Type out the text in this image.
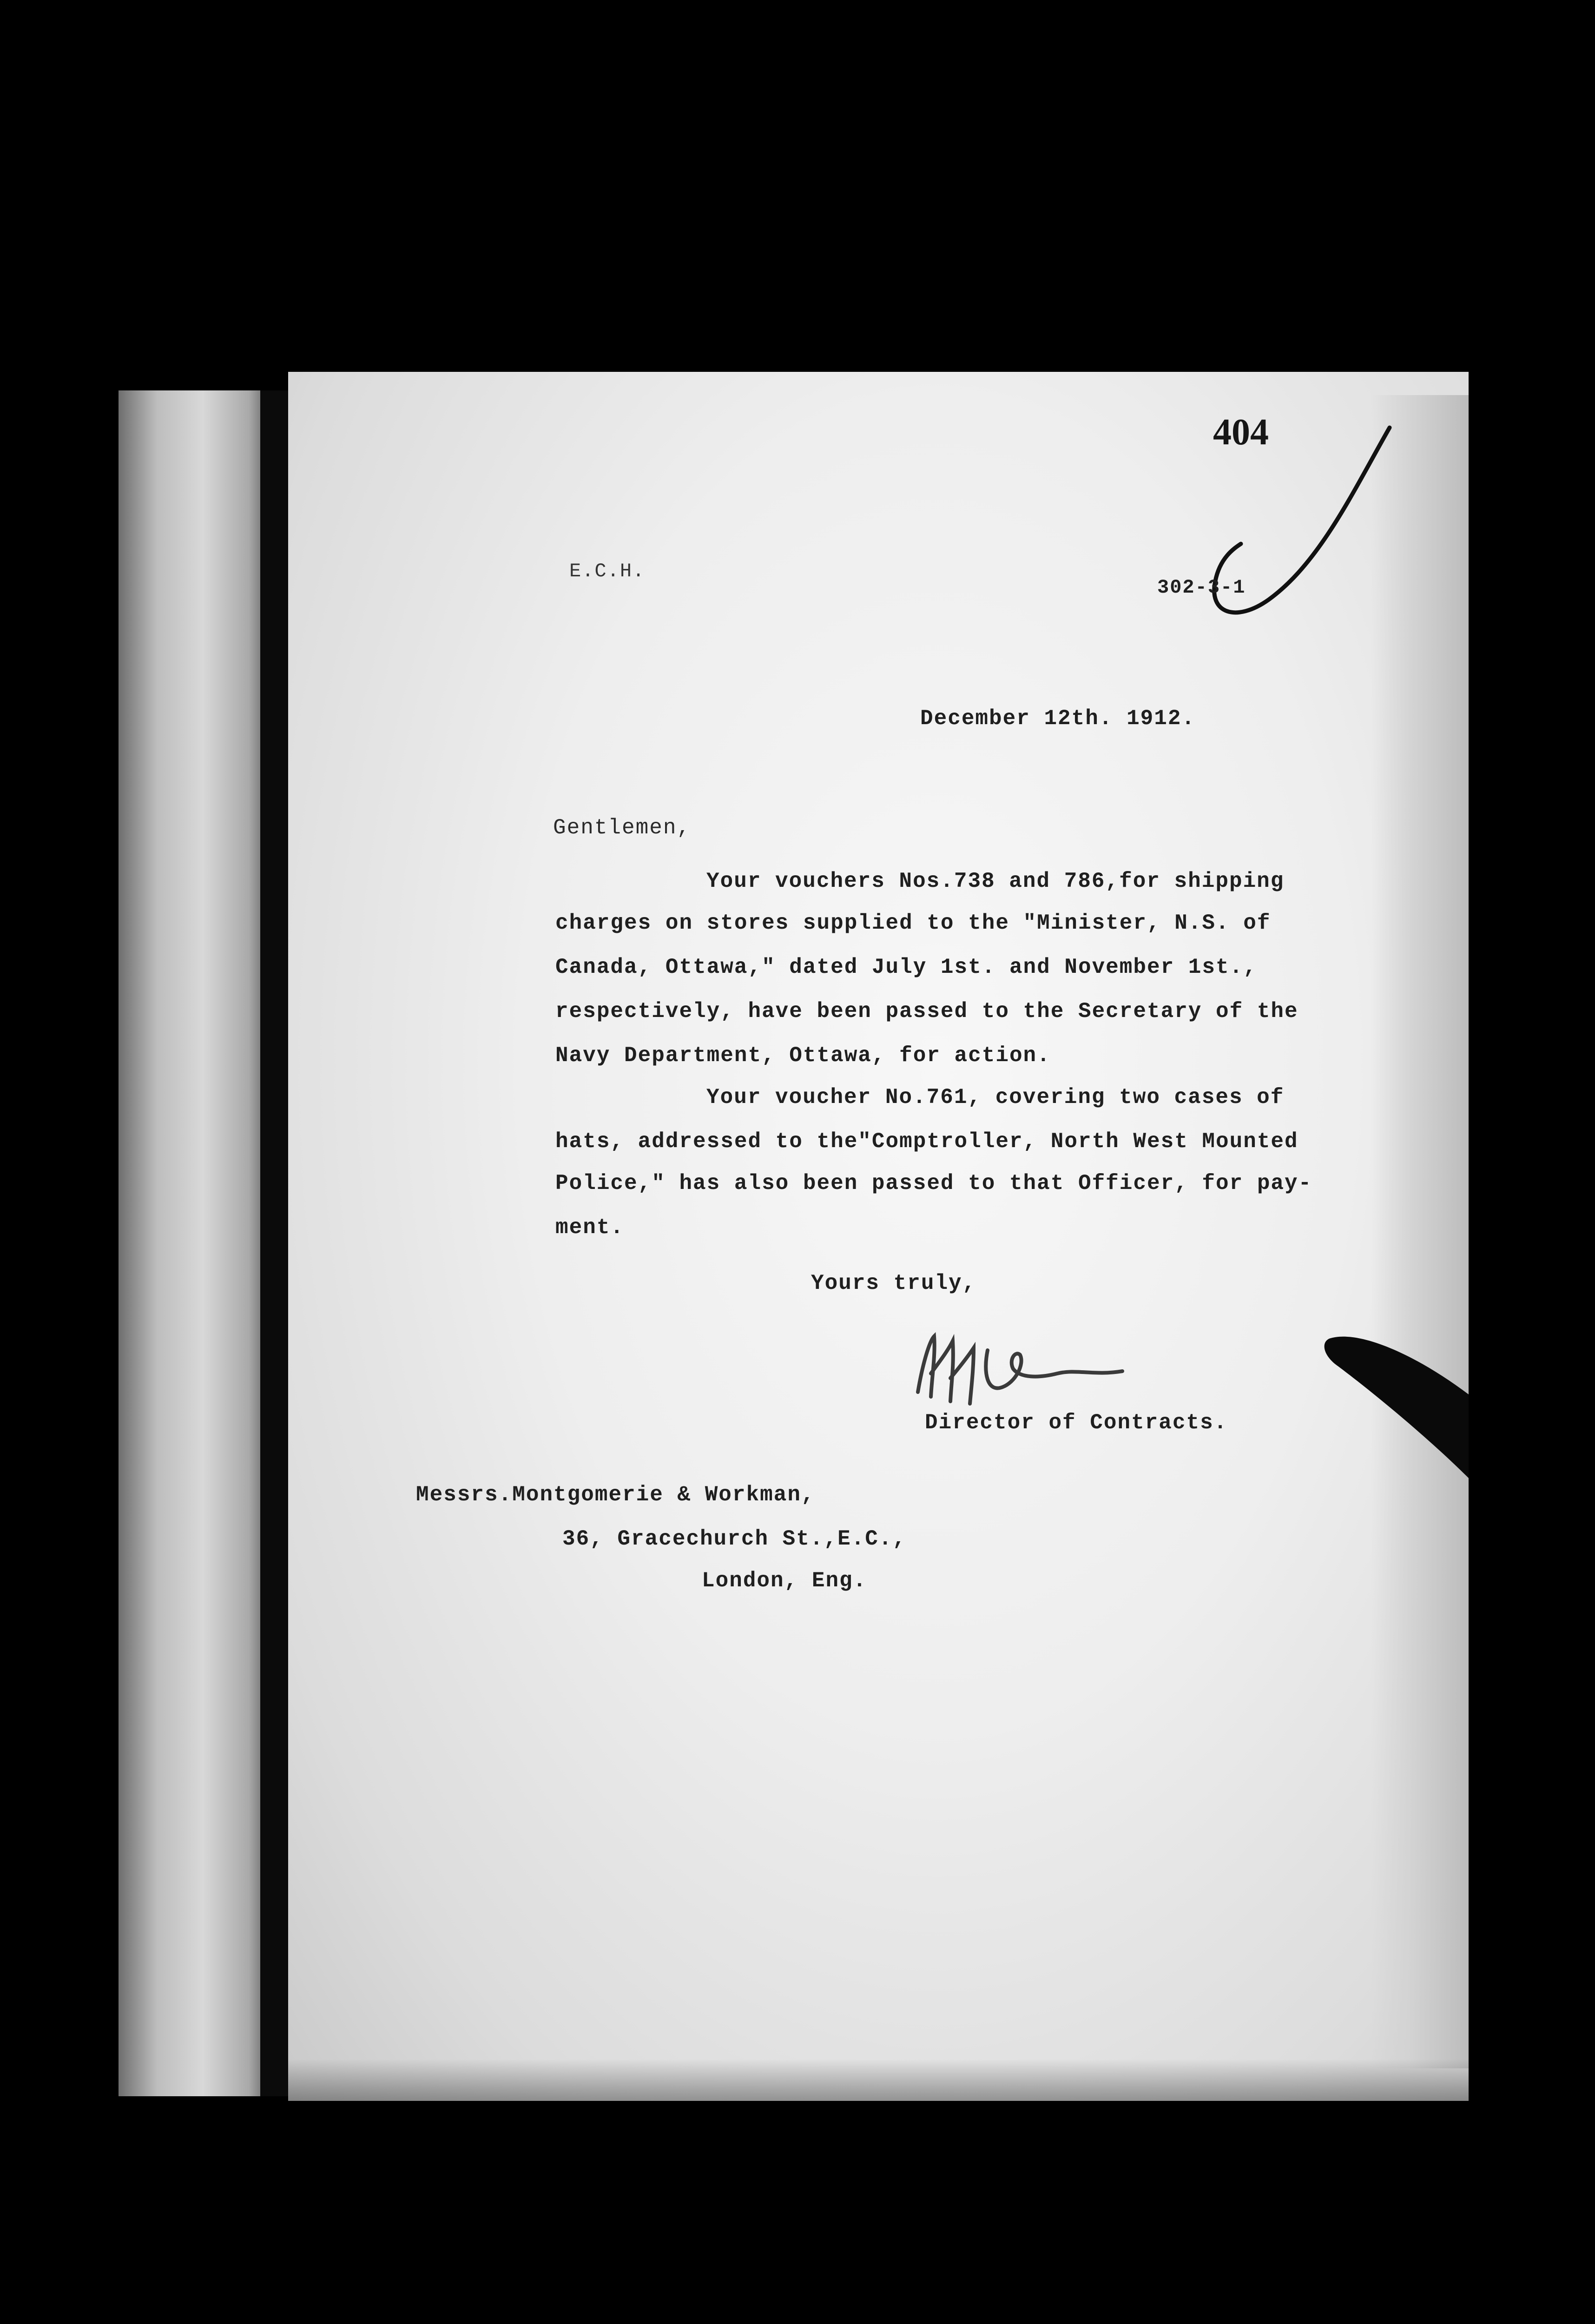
404
E.C.H.
302-3-1
December 12th. 1912.
Gentlemen,
Your vouchers Nos.738 and 786,for shipping
charges on stores supplied to the "Minister, N.S. of
Canada, Ottawa," dated July 1st. and November 1st.,
respectively, have been passed to the Secretary of the
Navy Department, Ottawa, for action.
Your voucher No.761, covering two cases of
hats, addressed to the"Comptroller, North West Mounted
Police," has also been passed to that Officer, for pay-
ment.
Yours truly,
Director of Contracts.
Messrs.Montgomerie & Workman,
36, Gracechurch St.,E.C.,
London, Eng.
